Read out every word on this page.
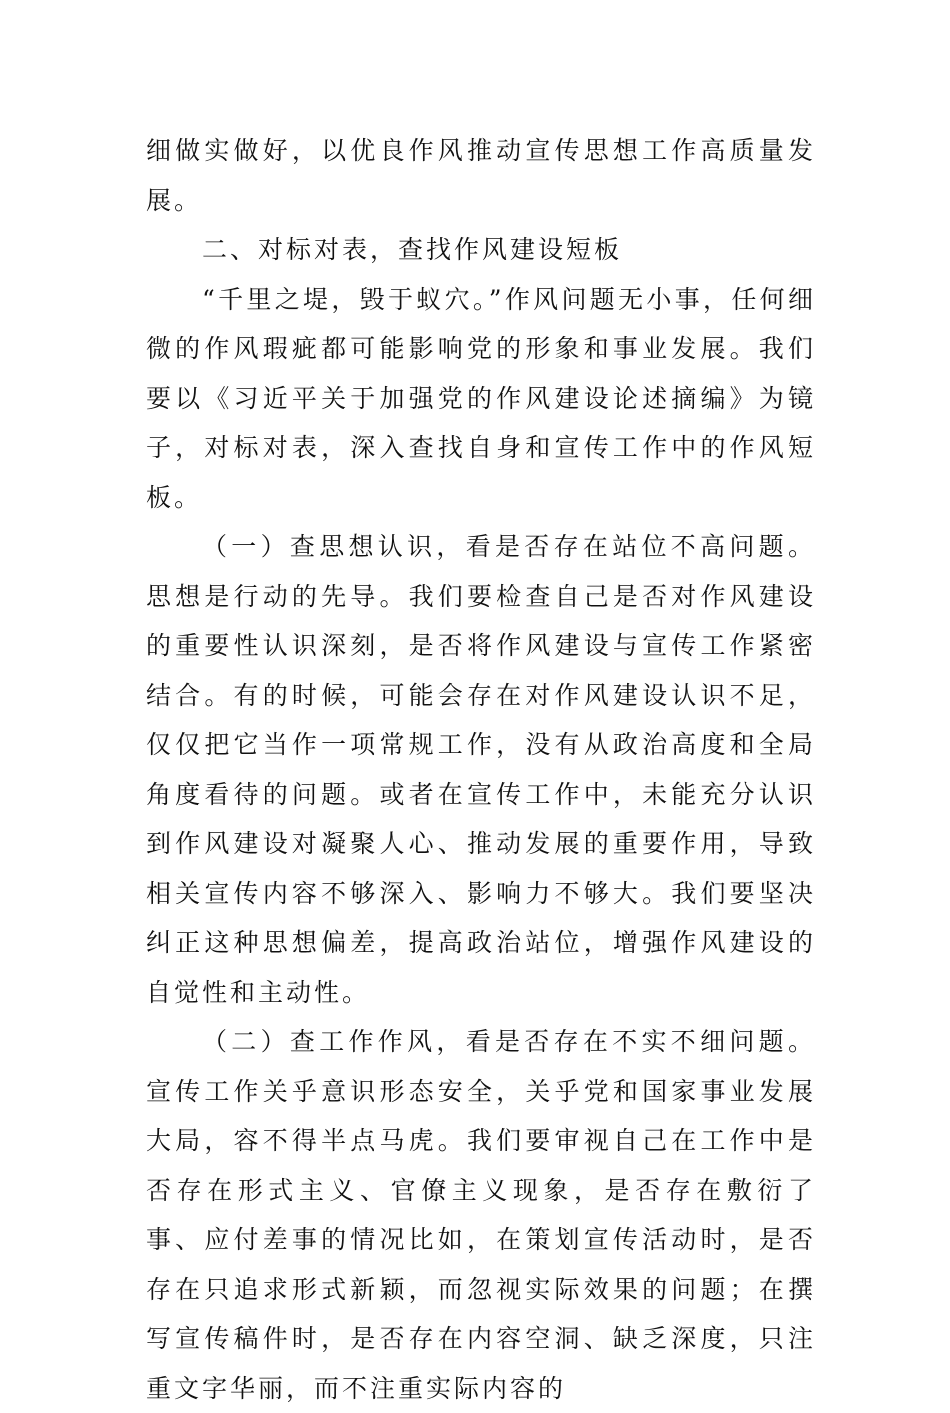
细做实做好，以优良作风推动宣传思想工作高质量发展。

二、对标对表，查找作风建设短板

“千里之堤，毁于蚁穴。”作风问题无小事，任何细微的作风瑕疵都可能影响党的形象和事业发展。我们要以《习近平关于加强党的作风建设论述摘编》为镜子，对标对表，深入查找自身和宣传工作中的作风短板。

（一）查思想认识，看是否存在站位不高问题。思想是行动的先导。我们要检查自己是否对作风建设的重要性认识深刻，是否将作风建设与宣传工作紧密结合。有的时候，可能会存在对作风建设认识不足，仅仅把它当作一项常规工作，没有从政治高度和全局角度看待的问题。或者在宣传工作中，未能充分认识到作风建设对凝聚人心、推动发展的重要作用，导致相关宣传内容不够深入、影响力不够大。我们要坚决纠正这种思想偏差，提高政治站位，增强作风建设的自觉性和主动性。

（二）查工作作风，看是否存在不实不细问题。宣传工作关乎意识形态安全，关乎党和国家事业发展大局，容不得半点马虎。我们要审视自己在工作中是否存在形式主义、官僚主义现象，是否存在敷衍了事、应付差事的情况比如，在策划宣传活动时，是否存在只追求形式新颖，而忽视实际效果的问题；在撰写宣传稿件时，是否存在内容空洞、缺乏深度，只注重文字华丽，而不注重实际内容的
